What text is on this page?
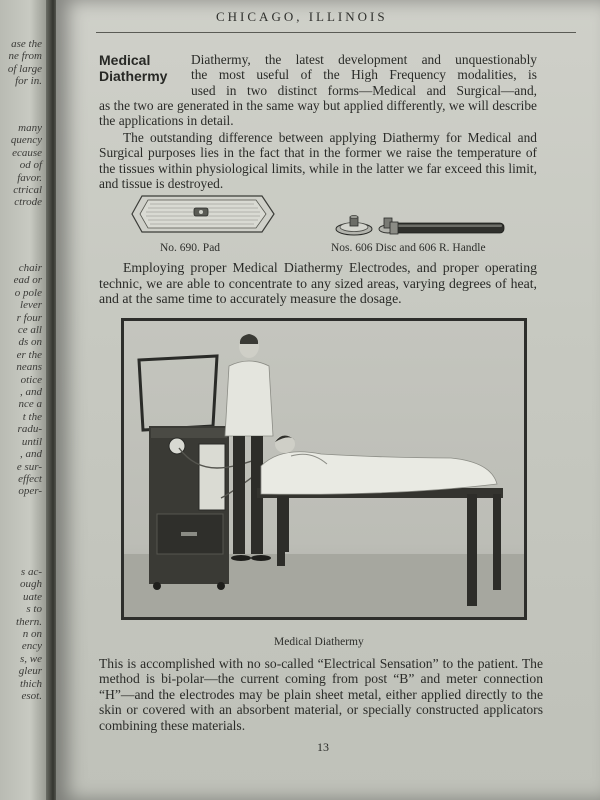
ase the
ne from
of large
for in.
many
quency
ecause
od of
favor.
ctrical
ctrode
chair
ead or
o pole
lever
r four
ce all
ds on
er the
neans
otice
, and
nce a
t the
radu-
until
, and
e sur-
effect
oper-
s ac-
ough
uate
s to
thern.
n on
ency
s, we
gleur
thich
esot.
CHICAGO, ILLINOIS
Medical
Diathermy
Diathermy, the latest development and unquestionably
the most useful of the High Frequency modalities, is
used in two distinct forms—Medical and Surgical—and,
as the two are generated in the same way but applied differently, we will describe the applications in detail.
The outstanding difference between applying Diathermy for Medical and Surgical purposes lies in the fact that in the former we raise the temperature of the tissues within physiological limits, while in the latter we far exceed this limit, and tissue is destroyed.
No. 690. Pad	Nos. 606 Disc and 606 R. Handle
Employing proper Medical Diathermy Electrodes, and proper operating technic, we are able to concentrate to any sized areas, varying degrees of heat, and at the same time to accurately measure the dosage.
Medical Diathermy
This is accomplished with no so-called “Electrical Sensation” to the patient. The method is bi-polar—the current coming from post “B” and meter connection “H”—and the electrodes may be plain sheet metal, either applied directly to the skin or covered with an absorbent material, or specially constructed applicators combining these materials.
13
